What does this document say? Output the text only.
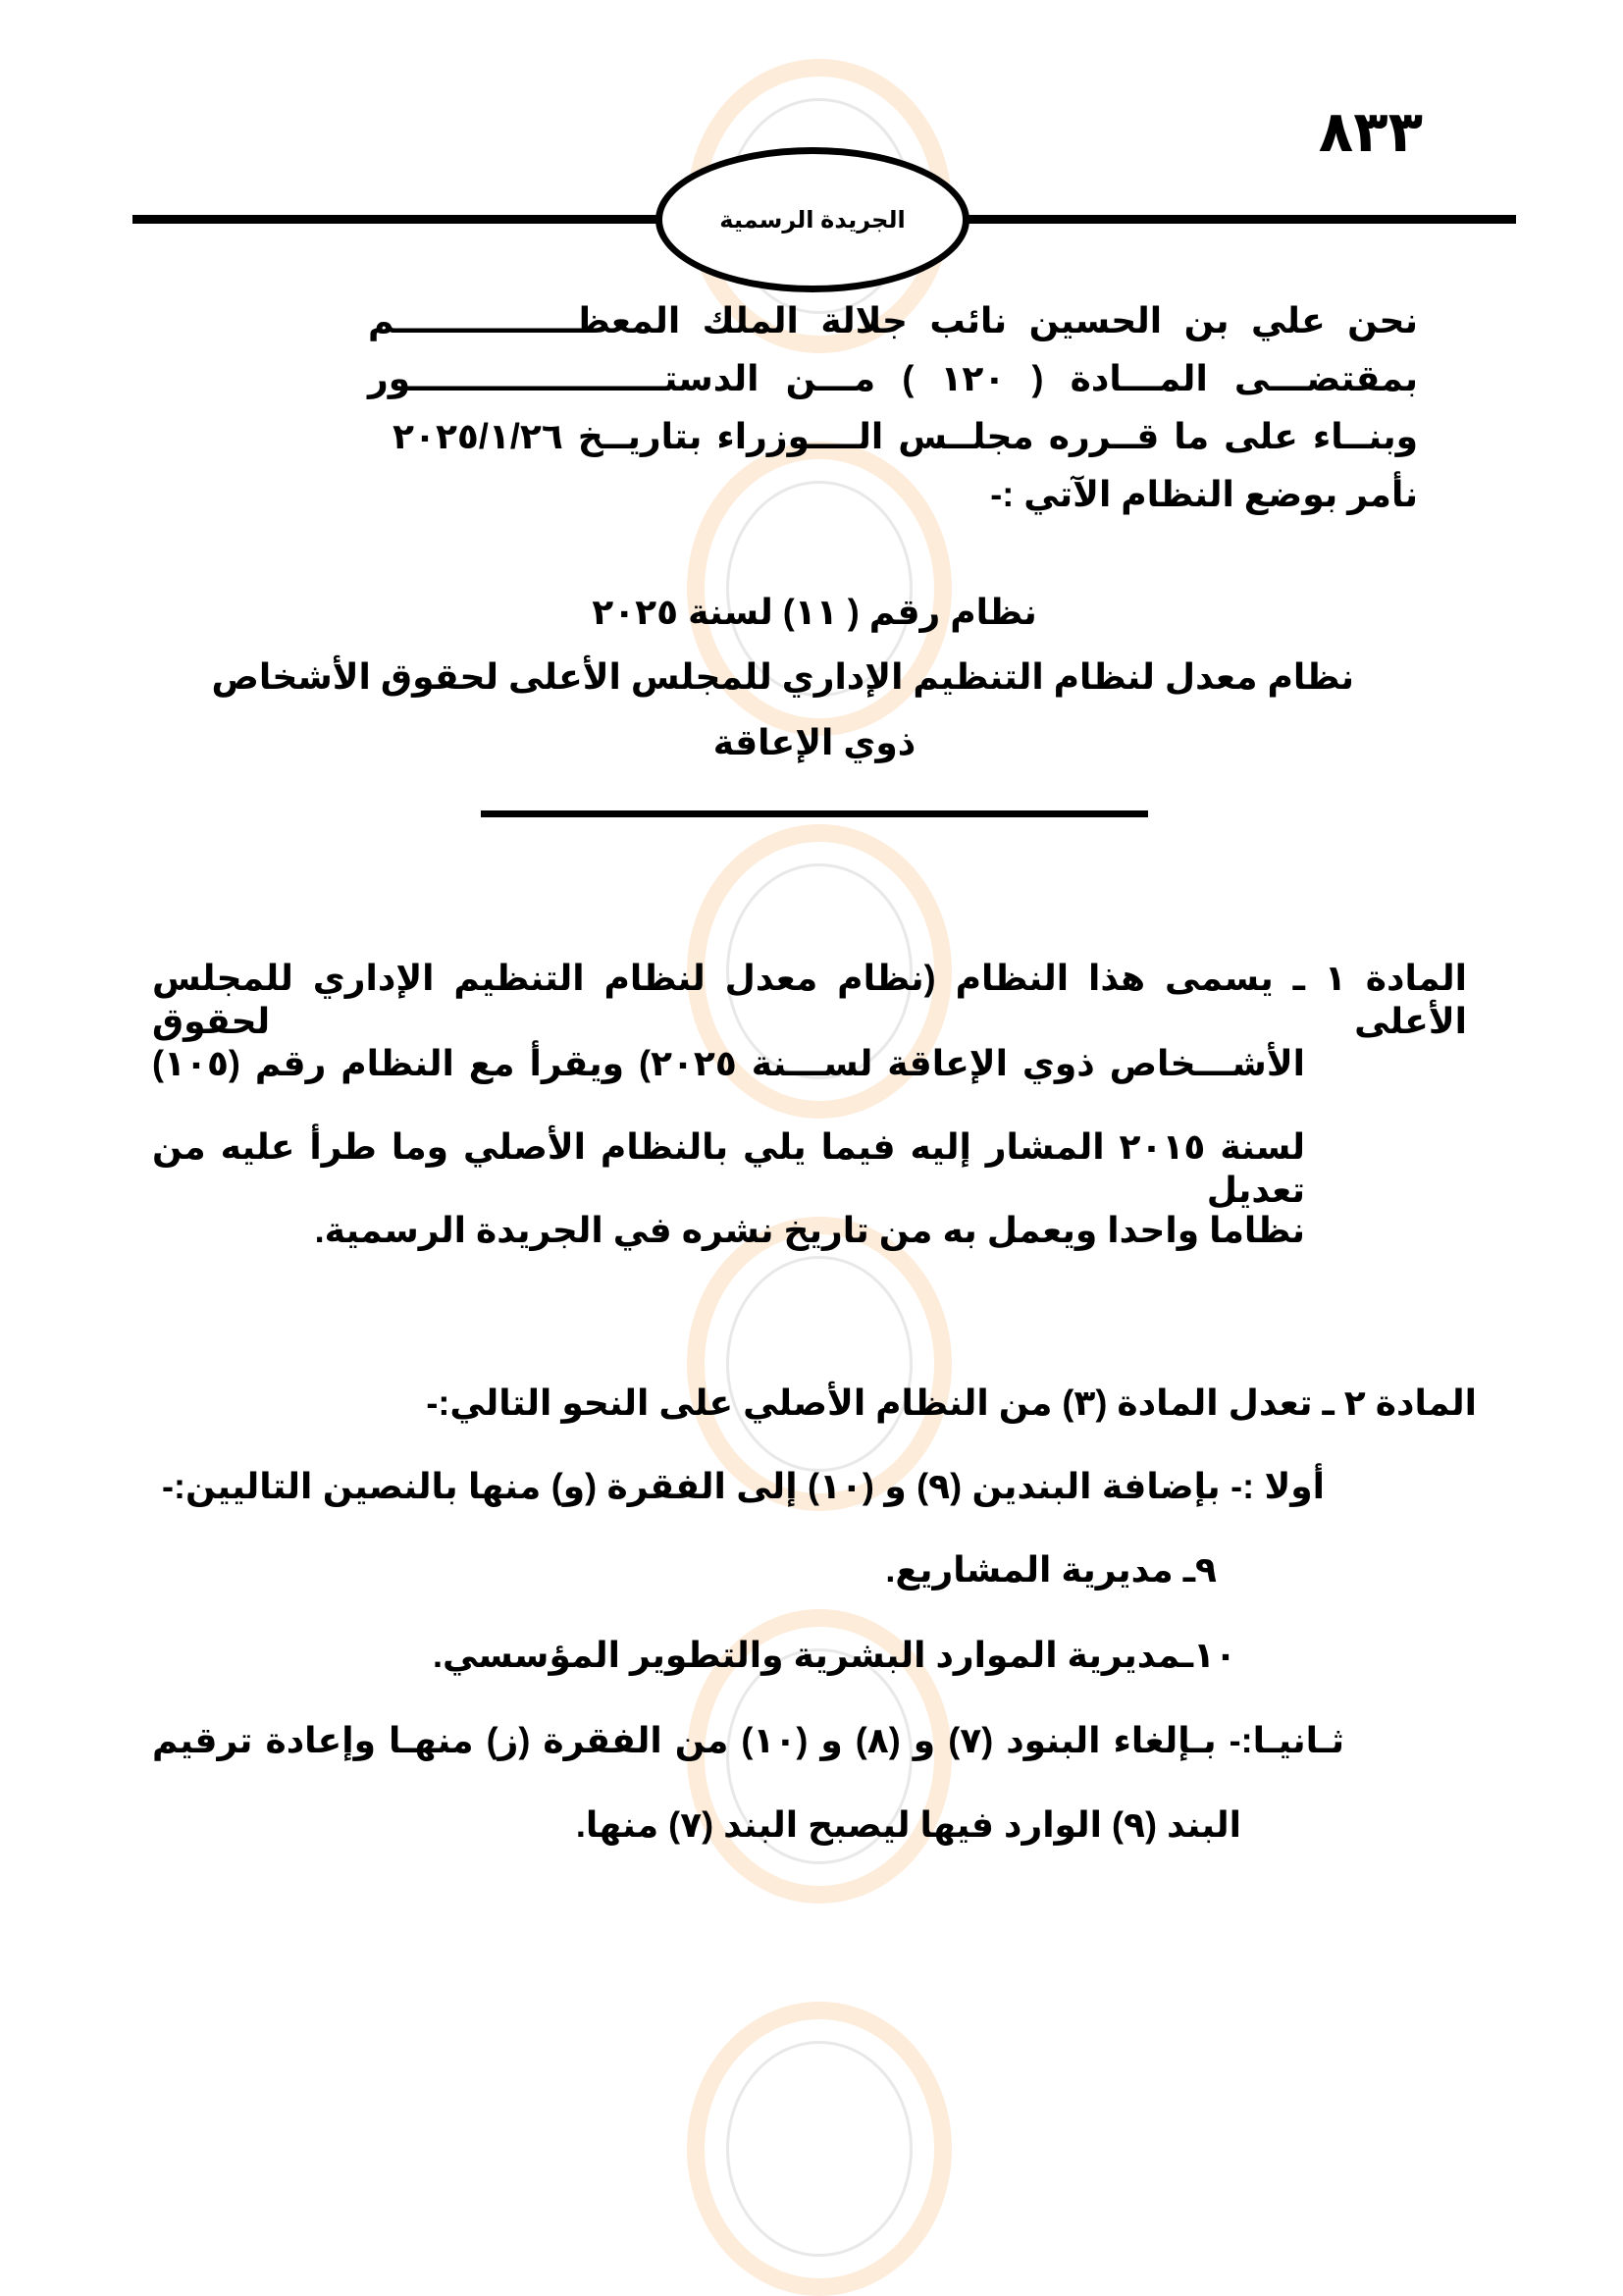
٨٣٣
الجريدة الرسمية
نحن علي بن الحسين نائب جلالة الملك المعظـــــــــــــــم
بمقتضـــى المـــادة ( ١٢٠ ) مـــن الدستـــــــــــــــــــــور
وبنــاء على ما قــرره مجلــس الــــوزراء بتاريــخ ٢٠٢٥/١/٢٦
نأمر بوضع النظام الآتي :-
نظام رقم ( ١١) لسنة ٢٠٢٥
نظام معدل لنظام التنظيم الإداري للمجلس الأعلى لحقوق الأشخاص
ذوي الإعاقة
المادة ١ ـ يسمى هذا النظام (نظام معدل لنظام التنظيم الإداري للمجلس الأعلى لحقوق
الأشـــخاص ذوي الإعاقة لســـنة ٢٠٢٥) ويقرأ مع النظام رقم (١٠٥)
لسنة ٢٠١٥ المشار إليه فيما يلي بالنظام الأصلي وما طرأ عليه من تعديل
نظاما واحدا ويعمل به من تاريخ نشره في الجريدة الرسمية.
المادة ٢ ـ تعدل المادة (٣) من النظام الأصلي على النحو التالي:-
أولا :- بإضافة البندين (٩) و (١٠) إلى الفقرة (و) منها بالنصين التاليين:-
٩ـ مديرية المشاريع.
١٠ـمديرية الموارد البشرية والتطوير المؤسسي.
ثـانيـا:- بـإلغاء البنود (٧) و (٨) و (١٠) من الفقرة (ز) منهـا وإعادة ترقيم
البند (٩) الوارد فيها ليصبح البند (٧) منها.
